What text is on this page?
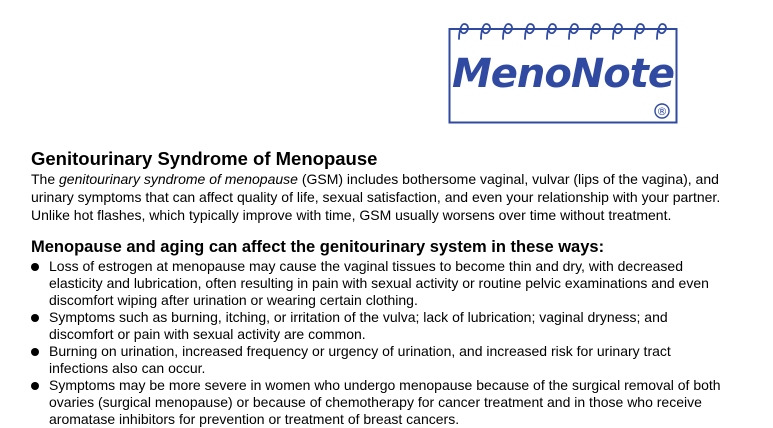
MenoNote
®
Genitourinary Syndrome of Menopause

The genitourinary syndrome of menopause (GSM) includes bothersome vaginal, vulvar (lips of the vagina), and
urinary symptoms that can affect quality of life, sexual satisfaction, and even your relationship with your partner.
Unlike hot flashes, which typically improve with time, GSM usually worsens over time without treatment.

Menopause and aging can affect the genitourinary system in these ways:
Loss of estrogen at menopause may cause the vaginal tissues to become thin and dry, with decreased
elasticity and lubrication, often resulting in pain with sexual activity or routine pelvic examinations and even
discomfort wiping after urination or wearing certain clothing.
Symptoms such as burning, itching, or irritation of the vulva; lack of lubrication; vaginal dryness; and
discomfort or pain with sexual activity are common.
Burning on urination, increased frequency or urgency of urination, and increased risk for urinary tract
infections also can occur.
Symptoms may be more severe in women who undergo menopause because of the surgical removal of both
ovaries (surgical menopause) or because of chemotherapy for cancer treatment and in those who receive
aromatase inhibitors for prevention or treatment of breast cancers.
